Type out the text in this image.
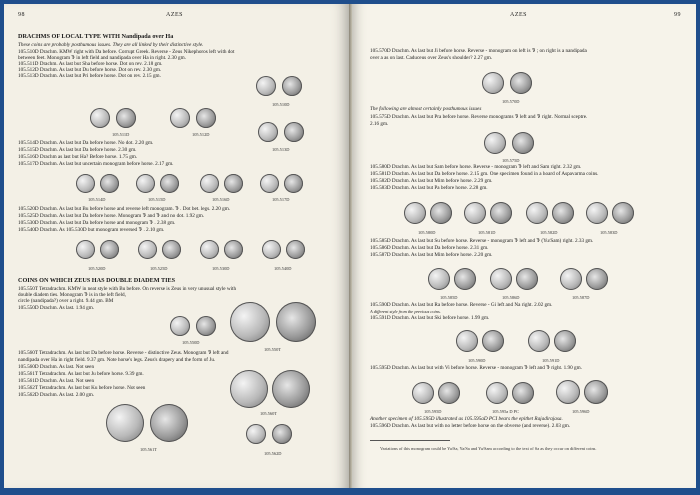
98	AZES
DRACHMS OF LOCAL TYPE WITH Nandipada over Ha
These coins are probably posthumous issues. They are all linked by their distinctive style.
105.510D Drachm. KMW right with Da before. Corrupt Greek. Reverse - Zeus Nikephoros left with dot
between feet. Monogram ꖃ in left field and nandipada over Ha in right. 2.30 gm.
105.511D Drachm. As last but Sha before horse. Dot on rev. 2.18 gm.
105.512D Drachm. As last but Du before horse. Dot on rev. 2.30 gm.
105.513D Drachm. As last but Pri before horse. Dot on rev. 2.15 gm.
105.510D
105.511D	105.512D
105.513D
105.514D Drachm. As last but Da before horse. No dot. 2.20 gm.
105.515D Drachm. As last but Da before horse. 2.30 gm.
105.516D Drachm as last but Ha? Before horse. 1.75 gm.
105.517D Drachm. As last but uncertain monogram before horse. 2.17 gm.
105.514D	105.515D	105.516D	105.517D
105.520D Drachm. As last but Bu before horse and reverse left monogram. ꖃ . Dot bet. legs. 2.20 gm.
105.525D Drachm. As last but Da before horse. Monogram ꖃ and ꖃ and no dot. 1.92 gm.
105.530D Drachm. As last but Da before horse and monogram ꖃ . 2.38 gm.
105.540D Drachm. As 105.530D but monogram reversed ꖃ . 2.10 gm.
105.520D	105.525D	105.530D	105.540D
COINS ON WHICH ZEUS HAS DOUBLE DIADEM TIES
105.550T Tetradrachm. KMW in neat style with Bu before. On reverse is Zeus in very unusual style with
double diadem ties. Monogram ꖃ is in the left field,
circle (nandipada?) over a right. 9.44 gm. BM
105.550D Drachm. As last. 1.94 gm.
105.550D
105.550T
105.560T Tetradrachm. As last but Da before horse. Reverse - distinctive Zeus. Monogram ꖃ left and
nandipada over Ha in right field. 9.37 gm. Note horse's legs. Zeus's drapery and the form of Ju.
105.560D Drachm. As last. Not seen
105.561T Tetradrachm. As last but Ju before horse. 9.39 gm.
105.561D Drachm. As last. Not seen
105.562T Tetradrachm. As last but Ku before horse. Not seen
105.562D Drachm. As last. 2.00 gm.
105.560T
105.561T
105.562D
AZES	99
105.570D Drachm. As last but Ji before horse. Reverse - monogram on left is ꖃ ; on right is a nandipada
over a as on last. Caduceus over Zeus's shoulder? 2.27 gm.
105.570D
The following are almost certainly posthumous issues
105.575D Drachm. As last but Pra before horse. Reverse monograms ꖃ left and ꖃ right. Normal sceptre.
2.16 gm.
105.575D
105.580D Drachm. As last but Sam before horse. Reverse - monogram ꖃ left and Sam right. 2.32 gm.
105.581D Drachm. As last but Da before horse. 2.15 gm. One specimen found in a hoard of Aspavarma coins.
105.582D Drachm. As last but Mim before horse. 2.29 gm.
105.583D Drachm. As last but Pa before horse. 2.28 gm.
105.580D	105.581D	105.582D	105.583D
105.585D Drachm. As last but Su before horse. Reverse - monogram ꖃ left and ꖃ (Yu/Sam) right. 2.33 gm.
105.586D Drachm. As last but Da before horse. 2.31 gm.
105.587D Drachm. As last but Mim before horse. 2.20 gm.
105.585D	105.586D	105.587D
105.590D Drachm. As last but Ra before horse. Reverse - Gi left and Na right. 2.02 gm.
A different style from the previous coins.
105.591D Drachm. As last but Ski before horse. 1.99 gm.
105.590D	105.591D
105.595D Drachm. As last but with Vi before horse. Reverse - monogram ꖃ left and ꖃ right. 1.90 gm.
105.595D	105.595a D PC	105.596D
Another specimen of 105.595D illustrated as 105.595aD PCI bears the epithet Rajadirajasa.
105.596D Drachm. As last but with no letter before horse on the obverse (and reverse). 2.03 gm.
Variations of this monogram could be Ya/Sa, Ya/Sa and Ya/Sam according to the text of Sa as they occur on different coins.
